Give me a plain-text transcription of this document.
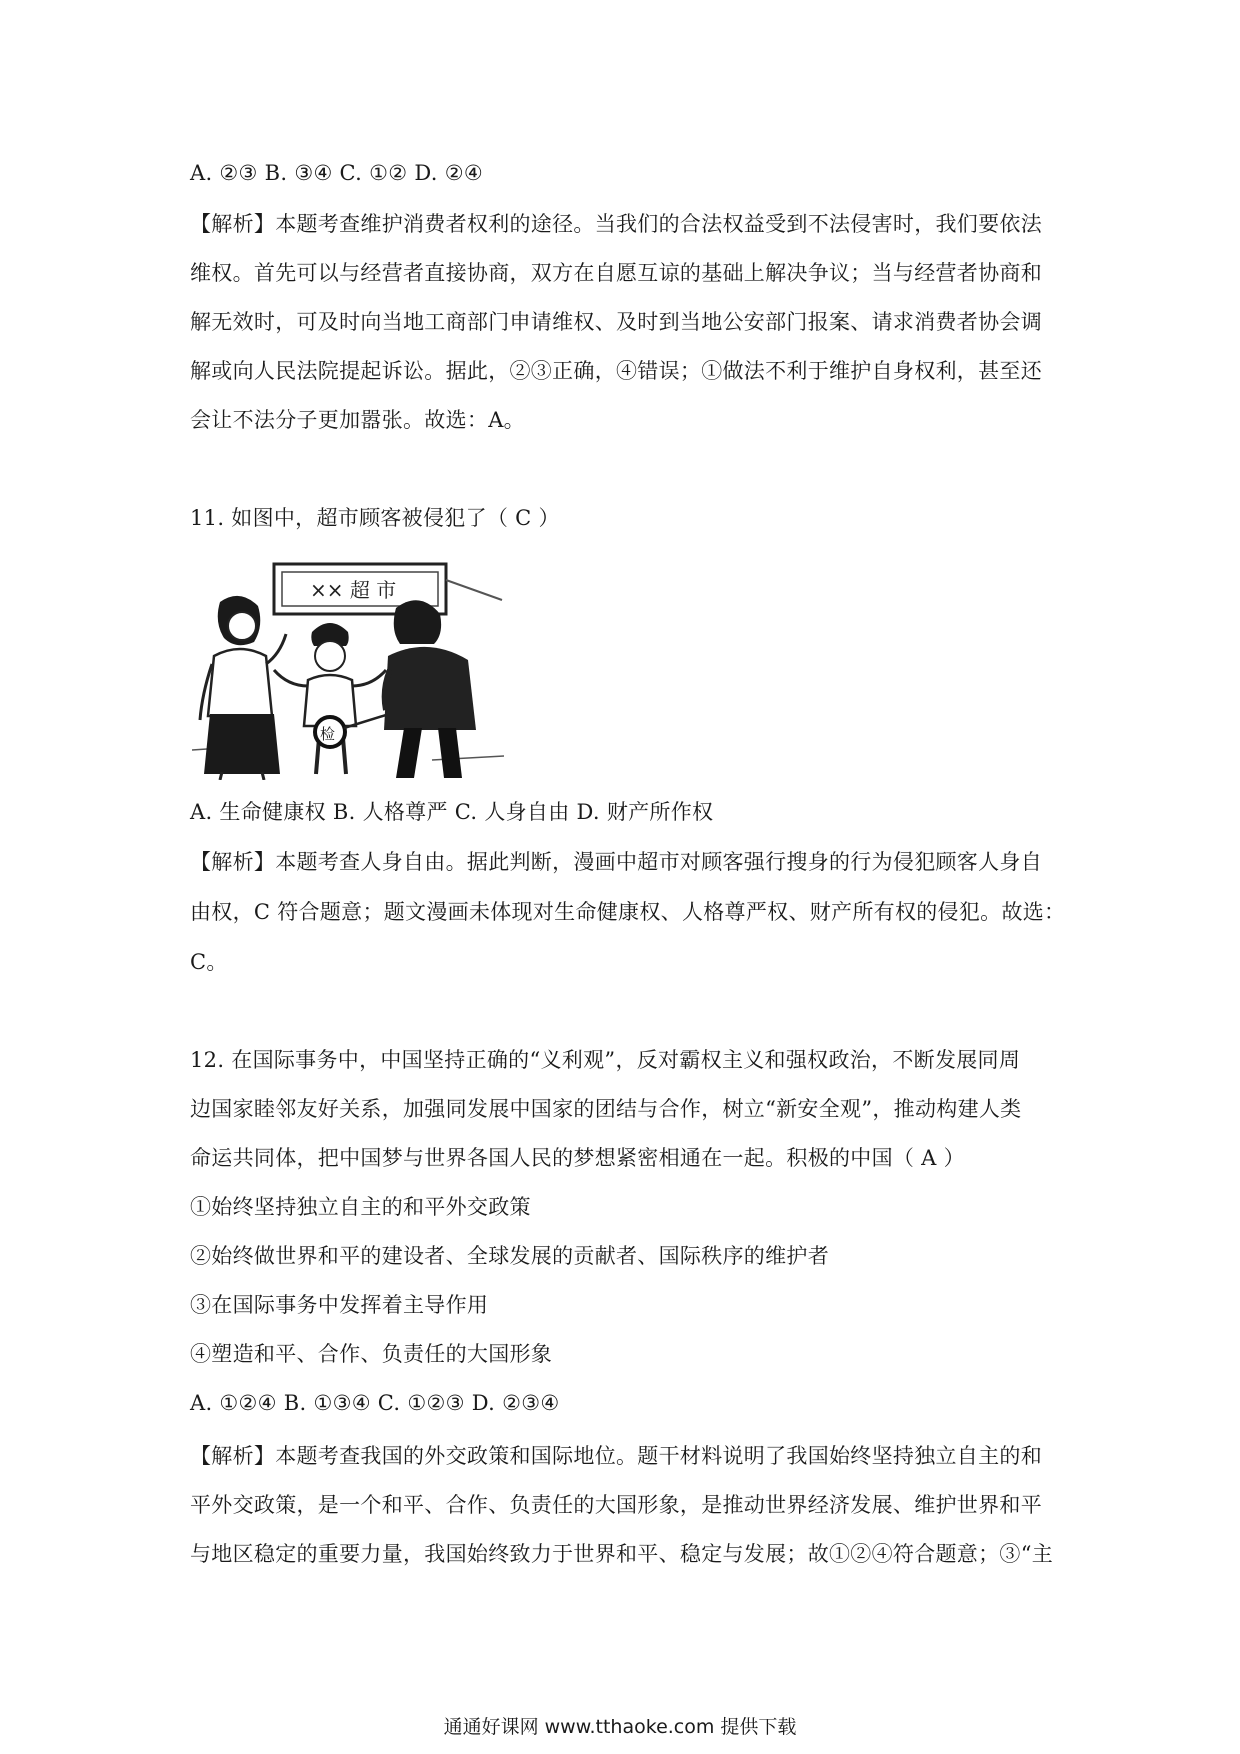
A. ②③ B. ③④ C. ①② D. ②④
【解析】本题考查维护消费者权利的途径。当我们的合法权益受到不法侵害时，我们要依法
维权。首先可以与经营者直接协商，双方在自愿互谅的基础上解决争议；当与经营者协商和
解无效时，可及时向当地工商部门申请维权、及时到当地公安部门报案、请求消费者协会调
解或向人民法院提起诉讼。据此，②③正确，④错误；①做法不利于维护自身权利，甚至还
会让不法分子更加嚣张。故选：A。
11. 如图中，超市顾客被侵犯了（ C ）
×× 超 市
检
A. 生命健康权 B. 人格尊严 C. 人身自由 D. 财产所作权
【解析】本题考查人身自由。据此判断，漫画中超市对顾客强行搜身的行为侵犯顾客人身自
由权，C 符合题意；题文漫画未体现对生命健康权、人格尊严权、财产所有权的侵犯。故选：
C。
12. 在国际事务中，中国坚持正确的“义利观”，反对霸权主义和强权政治，不断发展同周
边国家睦邻友好关系，加强同发展中国家的团结与合作，树立“新安全观”，推动构建人类
命运共同体，把中国梦与世界各国人民的梦想紧密相通在一起。积极的中国（ A ）
①始终坚持独立自主的和平外交政策
②始终做世界和平的建设者、全球发展的贡献者、国际秩序的维护者
③在国际事务中发挥着主导作用
④塑造和平、合作、负责任的大国形象
A. ①②④ B. ①③④ C. ①②③ D. ②③④
【解析】本题考查我国的外交政策和国际地位。题干材料说明了我国始终坚持独立自主的和
平外交政策，是一个和平、合作、负责任的大国形象，是推动世界经济发展、维护世界和平
与地区稳定的重要力量，我国始终致力于世界和平、稳定与发展；故①②④符合题意；③“主
通通好课网 www.tthaoke.com 提供下载
